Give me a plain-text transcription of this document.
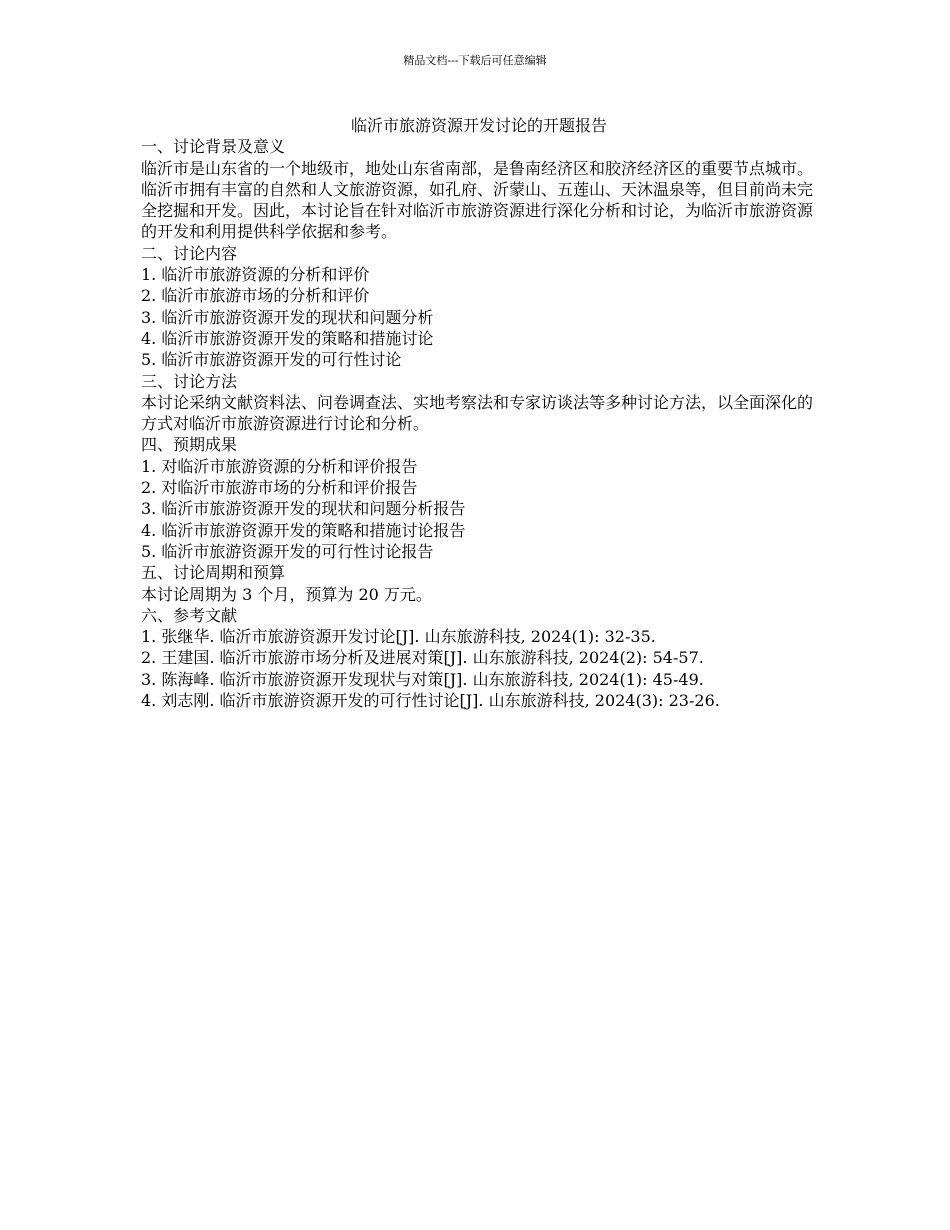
精品文档---下载后可任意编辑
临沂市旅游资源开发讨论的开题报告

一、讨论背景及意义

临沂市是山东省的一个地级市，地处山东省南部，是鲁南经济区和胶济经济区的重要节点城市。临沂市拥有丰富的自然和人文旅游资源，如孔府、沂蒙山、五莲山、天沐温泉等，但目前尚未完全挖掘和开发。因此，本讨论旨在针对临沂市旅游资源进行深化分析和讨论，为临沂市旅游资源的开发和利用提供科学依据和参考。

二、讨论内容

1. 临沂市旅游资源的分析和评价

2. 临沂市旅游市场的分析和评价

3. 临沂市旅游资源开发的现状和问题分析

4. 临沂市旅游资源开发的策略和措施讨论

5. 临沂市旅游资源开发的可行性讨论

三、讨论方法

本讨论采纳文献资料法、问卷调查法、实地考察法和专家访谈法等多种讨论方法，以全面深化的方式对临沂市旅游资源进行讨论和分析。

四、预期成果

1. 对临沂市旅游资源的分析和评价报告

2. 对临沂市旅游市场的分析和评价报告

3. 临沂市旅游资源开发的现状和问题分析报告

4. 临沂市旅游资源开发的策略和措施讨论报告

5. 临沂市旅游资源开发的可行性讨论报告

五、讨论周期和预算

本讨论周期为 3 个月，预算为 20 万元。

六、参考文献

1. 张继华. 临沂市旅游资源开发讨论[J]. 山东旅游科技, 2024(1): 32-35.

2. 王建国. 临沂市旅游市场分析及进展对策[J]. 山东旅游科技, 2024(2): 54-57.

3. 陈海峰. 临沂市旅游资源开发现状与对策[J]. 山东旅游科技, 2024(1): 45-49.

4. 刘志刚. 临沂市旅游资源开发的可行性讨论[J]. 山东旅游科技, 2024(3): 23-26.
